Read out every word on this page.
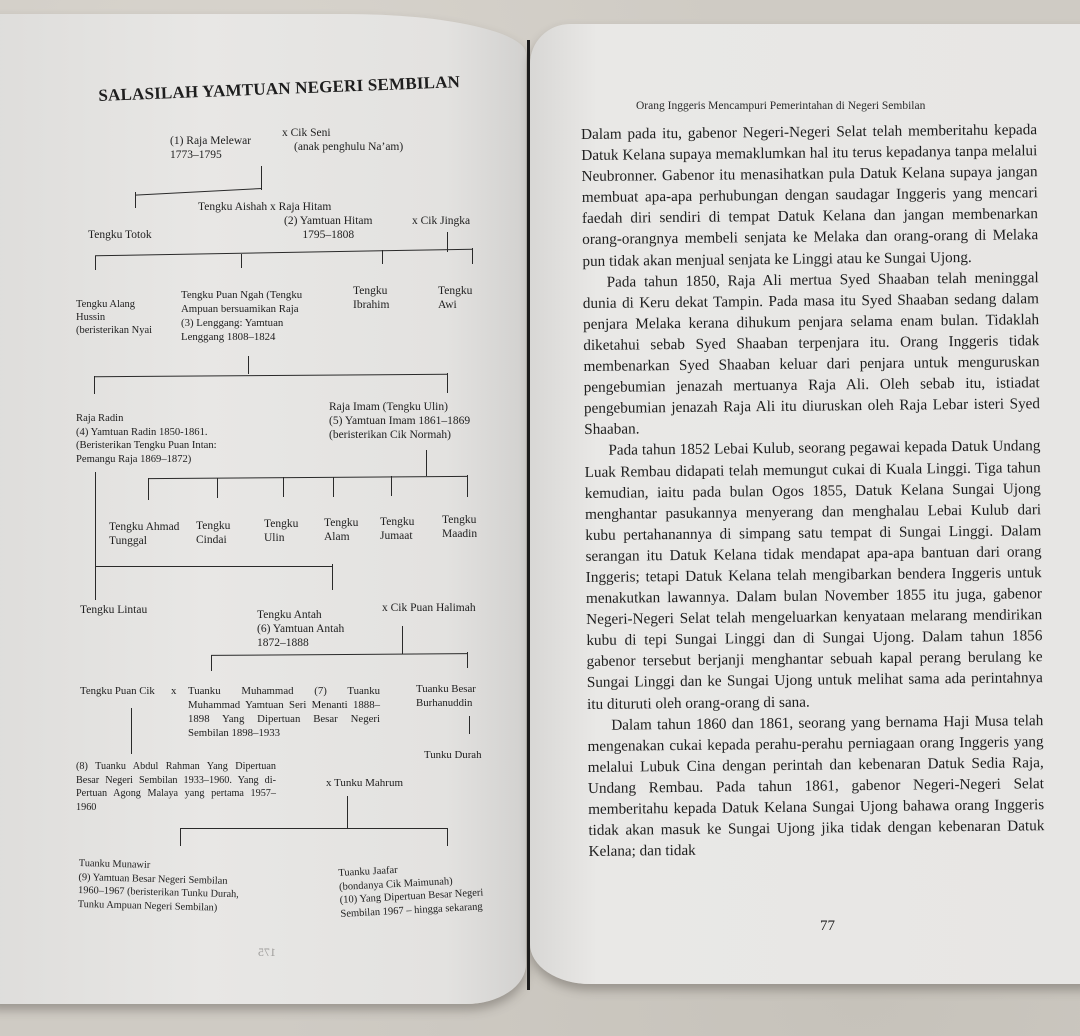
SALASILAH YAMTUAN NEGERI SEMBILAN
(1) Raja Melewar
1773–1795
x Cik Seni
(anak penghulu Na’am)
Tengku Totok
Tengku Aishah x Raja Hitam
(2) Yamtuan Hitam
1795–1808
x Cik Jingka
Tengku Alang
Hussin
(beristerikan Nyai
Tengku Puan Ngah (Tengku
Ampuan bersuamikan Raja
(3) Lenggang: Yamtuan
Lenggang 1808–1824
Tengku
Ibrahim
Tengku
Awi
Raja Radin
(4) Yamtuan Radin 1850-1861.
(Beristerikan Tengku Puan Intan:
Pemangu Raja 1869–1872)
Raja Imam (Tengku Ulin)
(5) Yamtuan Imam 1861–1869
(beristerikan Cik Normah)
Tengku Ahmad
Tunggal
Tengku
Cindai
Tengku
Ulin
Tengku
Alam
Tengku
Jumaat
Tengku
Maadin
Tengku Lintau	Tengku Antah
(6) Yamtuan Antah
1872–1888
x Cik Puan Halimah
Tengku Puan Cik x Tuanku Muhammad (7) Tuanku Muhammad Yamtuan Seri Menanti 1888–1898 Yang Dipertuan Besar Negeri Sembilan 1898–1933
Tuanku Besar
Burhanuddin
Tunku Durah
(8) Tuanku Abdul Rahman Yang Dipertuan Besar Negeri Sembilan 1933–1960. Yang di-Pertuan Agong Malaya yang pertama 1957–1960
x Tunku Mahrum
Tuanku Munawir
(9) Yamtuan Besar Negeri Sembilan
1960–1967 (beristerikan Tunku Durah,
Tunku Ampuan Negeri Sembilan)
Tuanku Jaafar
(bondanya Cik Maimunah)
(10) Yang Dipertuan Besar Negeri
Sembilan 1967 – hingga sekarang
175
Orang Inggeris Mencampuri Pemerintahan di Negeri Sembilan

Dalam pada itu, gabenor Negeri-Negeri Selat telah memberitahu kepada Datuk Kelana supaya memaklumkan hal itu terus kepadanya tanpa melalui Neubronner. Gabenor itu menasihatkan pula Datuk Kelana supaya jangan membuat apa-apa perhubungan dengan saudagar Inggeris yang mencari faedah diri sendiri di tempat Datuk Kelana dan jangan membenarkan orang-orangnya membeli senjata ke Melaka dan orang-orang di Melaka pun tidak akan menjual senjata ke Linggi atau ke Sungai Ujong.

Pada tahun 1850, Raja Ali mertua Syed Shaaban telah meninggal dunia di Keru dekat Tampin. Pada masa itu Syed Shaaban sedang dalam penjara Melaka kerana dihukum penjara selama enam bulan. Tidaklah diketahui sebab Syed Shaaban terpenjara itu. Orang Inggeris tidak membenarkan Syed Shaaban keluar dari penjara untuk menguruskan pengebumian jenazah mertuanya Raja Ali. Oleh sebab itu, istiadat pengebumian jenazah Raja Ali itu diuruskan oleh Raja Lebar isteri Syed Shaaban.

Pada tahun 1852 Lebai Kulub, seorang pegawai kepada Datuk Undang Luak Rembau didapati telah memungut cukai di Kuala Linggi. Tiga tahun kemudian, iaitu pada bulan Ogos 1855, Datuk Kelana Sungai Ujong menghantar pasukannya menyerang dan menghalau Lebai Kulub dari kubu pertahanannya di simpang satu tempat di Sungai Linggi. Dalam serangan itu Datuk Kelana tidak mendapat apa-apa bantuan dari orang Inggeris; tetapi Datuk Kelana telah mengibarkan bendera Inggeris untuk menakutkan lawannya. Dalam bulan November 1855 itu juga, gabenor Negeri-Negeri Selat telah mengeluarkan kenyataan melarang mendirikan kubu di tepi Sungai Linggi dan di Sungai Ujong. Dalam tahun 1856 gabenor tersebut berjanji menghantar sebuah kapal perang berulang ke Sungai Linggi dan ke Sungai Ujong untuk melihat sama ada perintahnya itu dituruti oleh orang-orang di sana.

Dalam tahun 1860 dan 1861, seorang yang bernama Haji Musa telah mengenakan cukai kepada perahu-perahu perniagaan orang Inggeris yang melalui Lubuk Cina dengan perintah dan kebenaran Datuk Sedia Raja, Undang Rembau. Pada tahun 1861, gabenor Negeri-Negeri Selat memberitahu kepada Datuk Kelana Sungai Ujong bahawa orang Inggeris tidak akan masuk ke Sungai Ujong jika tidak dengan kebenaran Datuk Kelana; dan tidak

77
